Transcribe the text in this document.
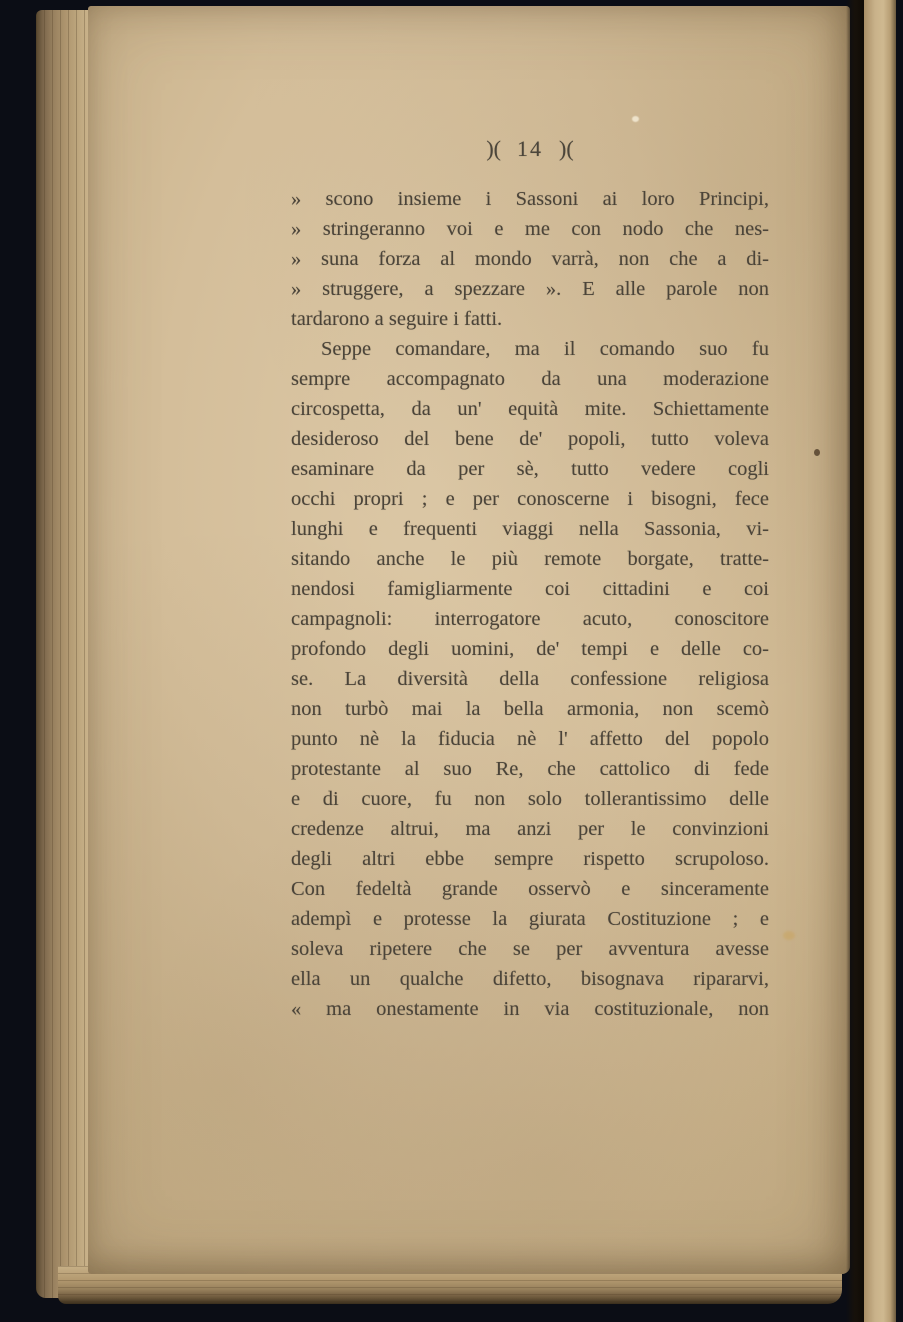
)( 14 )(
» scono insieme i Sassoni ai loro Principi,
» stringeranno voi e me con nodo che nes-
» suna forza al mondo varrà, non che a di-
» struggere, a spezzare ». E alle parole non
tardarono a seguire i fatti.
Seppe comandare, ma il comando suo fu
sempre accompagnato da una moderazione
circospetta, da un' equità mite. Schiettamente
desideroso del bene de' popoli, tutto voleva
esaminare da per sè, tutto vedere cogli
occhi propri ; e per conoscerne i bisogni, fece
lunghi e frequenti viaggi nella Sassonia, vi-
sitando anche le più remote borgate, tratte-
nendosi famigliarmente coi cittadini e coi
campagnoli: interrogatore acuto, conoscitore
profondo degli uomini, de' tempi e delle co-
se. La diversità della confessione religiosa
non turbò mai la bella armonia, non scemò
punto nè la fiducia nè l' affetto del popolo
protestante al suo Re, che cattolico di fede
e di cuore, fu non solo tollerantissimo delle
credenze altrui, ma anzi per le convinzioni
degli altri ebbe sempre rispetto scrupoloso.
Con fedeltà grande osservò e sinceramente
adempì e protesse la giurata Costituzione ; e
soleva ripetere che se per avventura avesse
ella un qualche difetto, bisognava ripararvi,
« ma onestamente in via costituzionale, non
